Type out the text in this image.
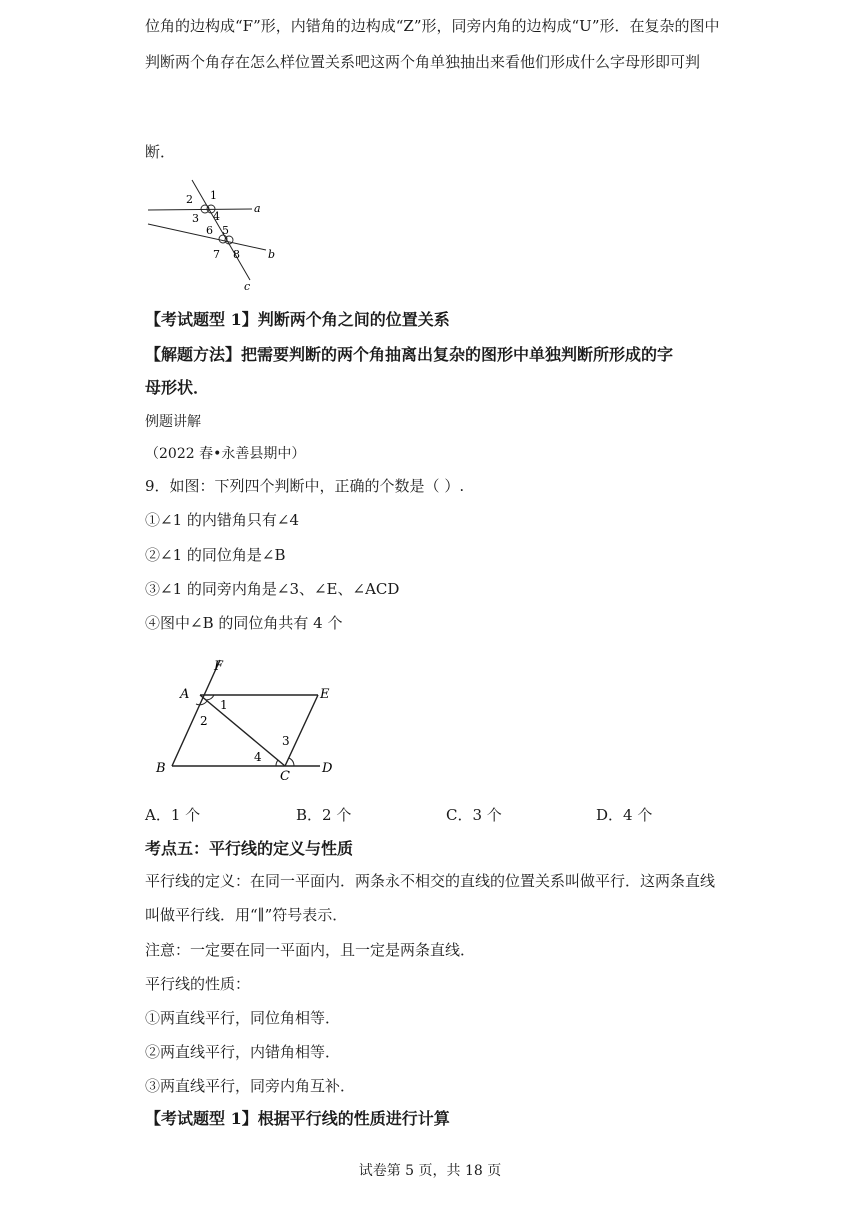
位角的边构成“F”形，内错角的边构成“Z”形，同旁内角的边构成“U”形．在复杂的图中
判断两个角存在怎么样位置关系吧这两个角单独抽出来看他们形成什么字母形即可判
断．
1
2
3 4
5
6
7 8
a
b
c
【考试题型 1】判断两个角之间的位置关系
【解题方法】把需要判断的两个角抽离出复杂的图形中单独判断所形成的字
母形状．
例题讲解
（2022 春•永善县期中）
9．如图：下列四个判断中，正确的个数是（ ）.
①∠1 的内错角只有∠4
②∠1 的同位角是∠B
③∠1 的同旁内角是∠3、∠E、∠ACD
④图中∠B 的同位角共有 4 个
F
A	E
B
C
D
1
2
3
4
A．1 个	B．2 个	C．3 个	D．4 个
考点五：平行线的定义与性质
平行线的定义：在同一平面内．两条永不相交的直线的位置关系叫做平行．这两条直线
叫做平行线．用“∥”符号表示．
注意：一定要在同一平面内，且一定是两条直线．
平行线的性质：
①两直线平行，同位角相等．
②两直线平行，内错角相等．
③两直线平行，同旁内角互补．
【考试题型 1】根据平行线的性质进行计算
试卷第 5 页，共 18 页
